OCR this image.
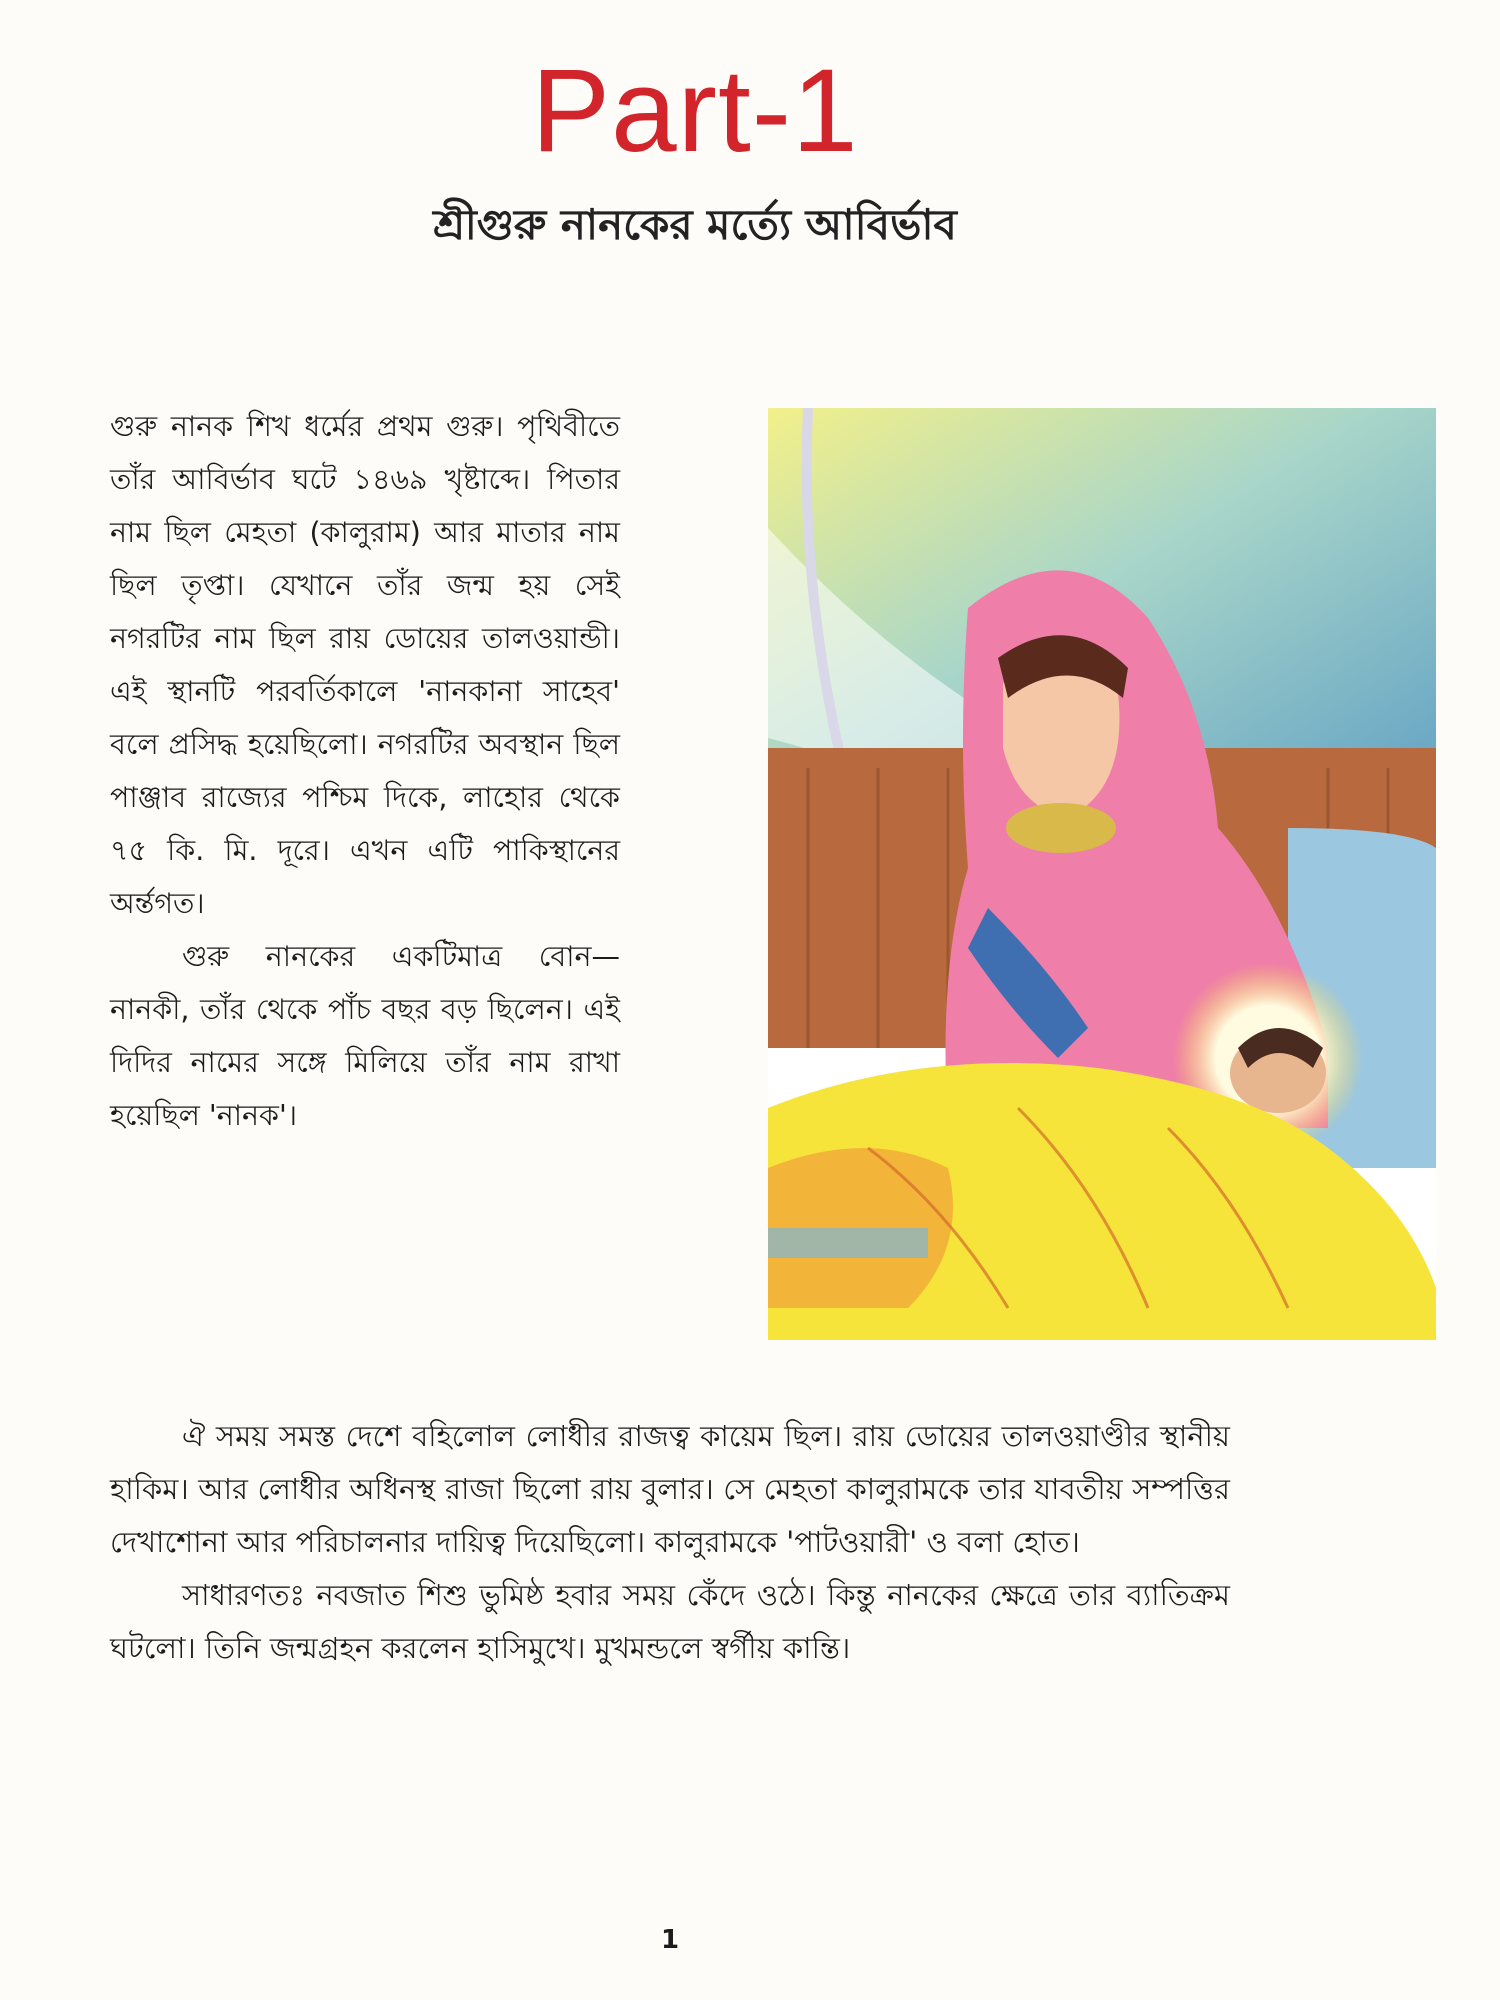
Part-1
শ্রীগুরু নানকের মর্ত্যে আবির্ভাব

গুরু নানক শিখ ধর্মের প্রথম গুরু। পৃথিবীতে তাঁর আবির্ভাব ঘটে ১৪৬৯ খৃষ্টাব্দে। পিতার নাম ছিল মেহতা (কালুরাম) আর মাতার নাম ছিল তৃপ্তা। যেখানে তাঁর জন্ম হয় সেই নগরটির নাম ছিল রায় ডোয়ের তালওয়ান্ডী। এই স্থানটি পরবর্তিকালে 'নানকানা সাহেব' বলে প্রসিদ্ধ হয়েছিলো। নগরটির অবস্থান ছিল পাঞ্জাব রাজ্যের পশ্চিম দিকে, লাহোর থেকে ৭৫ কি. মি. দূরে। এখন এটি পাকিস্থানের অর্ন্তগত।

গুরু নানকের একটিমাত্র বোন— নানকী, তাঁর থেকে পাঁচ বছর বড় ছিলেন। এই দিদির নামের সঙ্গে মিলিয়ে তাঁর নাম রাখা হয়েছিল 'নানক'।

ঐ সময় সমস্ত দেশে বহিলোল লোধীর রাজত্ব কায়েম ছিল। রায় ডোয়ের তালওয়াণ্ডীর স্থানীয় হাকিম। আর লোধীর অধিনস্থ রাজা ছিলো রায় বুলার। সে মেহতা কালুরামকে তার যাবতীয় সম্পত্তির দেখাশোনা আর পরিচালনার দায়িত্ব দিয়েছিলো। কালুরামকে 'পাটওয়ারী' ও বলা হোত।

সাধারণতঃ নবজাত শিশু ভুমিষ্ঠ হবার সময় কেঁদে ওঠে। কিন্তু নানকের ক্ষেত্রে তার ব্যাতিক্রম ঘটলো। তিনি জন্মগ্রহন করলেন হাসিমুখে। মুখমন্ডলে স্বর্গীয় কান্তি।

1
